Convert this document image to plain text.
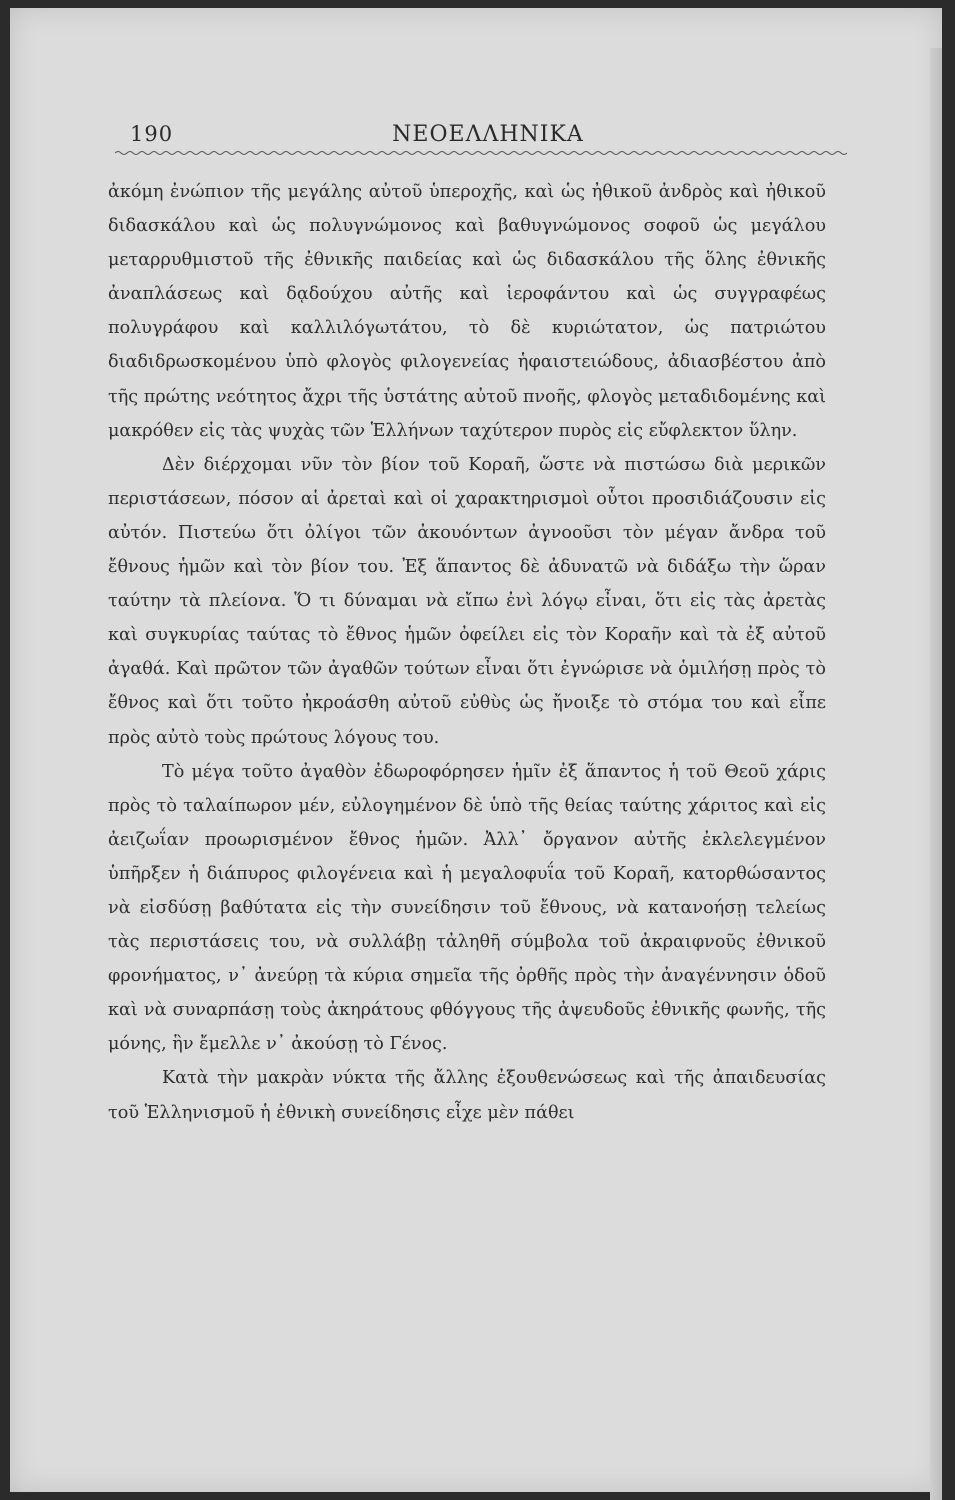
190	ΝΕΟΕΛΛΗΝΙΚΑ

ἀκόμη ἐνώπιον τῆς μεγάλης αὐτοῦ ὑπεροχῆς, καὶ ὡς ἠθικοῦ ἀνδρὸς καὶ ἠθικοῦ διδασκάλου καὶ ὡς πολυγνώμονος καὶ βαθυγνώμονος σοφοῦ ὡς μεγάλου μεταρρυθμιστοῦ τῆς ἐθνικῆς παιδείας καὶ ὡς διδασκάλου τῆς ὅλης ἐθνικῆς ἀναπλάσεως καὶ δᾳδούχου αὐτῆς καὶ ἱεροφάντου καὶ ὡς συγγραφέως πολυγράφου καὶ καλλιλόγωτάτου, τὸ δὲ κυριώτατον, ὡς πατριώτου διαδιδρωσκομένου ὑπὸ φλογὸς φιλογενείας ἡφαιστειώδους, ἀδιασβέστου ἀπὸ τῆς πρώτης νεότητος ἄχρι τῆς ὑστάτης αὐτοῦ πνοῆς, φλογὸς μεταδιδομένης καὶ μακρόθεν εἰς τὰς ψυχὰς τῶν Ἑλλήνων ταχύτερον πυρὸς εἰς εὔφλεκτον ὕλην.

Δὲν διέρχομαι νῦν τὸν βίον τοῦ Κοραῆ, ὥστε νὰ πιστώσω διὰ μερικῶν περιστάσεων, πόσον αἱ ἀρεταὶ καὶ οἱ χαρακτηρισμοὶ οὗτοι προσιδιάζουσιν εἰς αὐτόν. Πιστεύω ὅτι ὀλίγοι τῶν ἀκουόντων ἀγνοοῦσι τὸν μέγαν ἄνδρα τοῦ ἔθνους ἡμῶν καὶ τὸν βίον του. Ἐξ ἅπαντος δὲ ἀδυνατῶ νὰ διδάξω τὴν ὥραν ταύτην τὰ πλείονα. Ὅ τι δύναμαι νὰ εἴπω ἐνὶ λόγῳ εἶναι, ὅτι εἰς τὰς ἀρετὰς καὶ συγκυρίας ταύτας τὸ ἔθνος ἡμῶν ὀφείλει εἰς τὸν Κοραῆν καὶ τὰ ἐξ αὐτοῦ ἀγαθά. Καὶ πρῶτον τῶν ἀγαθῶν τούτων εἶναι ὅτι ἐγνώρισε νὰ ὁμιλήσῃ πρὸς τὸ ἔθνος καὶ ὅτι τοῦτο ἠκροάσθη αὐτοῦ εὐθὺς ὡς ἤνοιξε τὸ στόμα του καὶ εἶπε πρὸς αὐτὸ τοὺς πρώτους λόγους του.

Τὸ μέγα τοῦτο ἀγαθὸν ἐδωροφόρησεν ἡμῖν ἐξ ἅπαντος ἡ τοῦ Θεοῦ χάρις πρὸς τὸ ταλαίπωρον μέν, εὐλογημένον δὲ ὑπὸ τῆς θείας ταύτης χάριτος καὶ εἰς ἀειζωΐαν προωρισμένον ἔθνος ἡμῶν. Ἀλλ᾽ ὄργανον αὐτῆς ἐκλελεγμένον ὑπῆρξεν ἡ διάπυρος φιλογένεια καὶ ἡ μεγαλοφυΐα τοῦ Κοραῆ, κατορθώσαντος νὰ εἰσδύσῃ βαθύτατα εἰς τὴν συνείδησιν τοῦ ἔθνους, νὰ κατανοήσῃ τελείως τὰς περιστάσεις του, νὰ συλλάβῃ τἀληθῆ σύμβολα τοῦ ἀκραιφνοῦς ἐθνικοῦ φρονήματος, ν᾽ ἀνεύρῃ τὰ κύρια σημεῖα τῆς ὀρθῆς πρὸς τὴν ἀναγέννησιν ὁδοῦ καὶ νὰ συναρπάσῃ τοὺς ἀκηράτους φθόγγους τῆς ἀψευδοῦς ἐθνικῆς φωνῆς, τῆς μόνης, ἣν ἔμελλε ν᾽ ἀκούσῃ τὸ Γένος.

Κατὰ τὴν μακρὰν νύκτα τῆς ἄλλης ἐξουθενώσεως καὶ τῆς ἀπαιδευσίας τοῦ Ἑλληνισμοῦ ἡ ἐθνικὴ συνείδησις εἶχε μὲν πάθει
